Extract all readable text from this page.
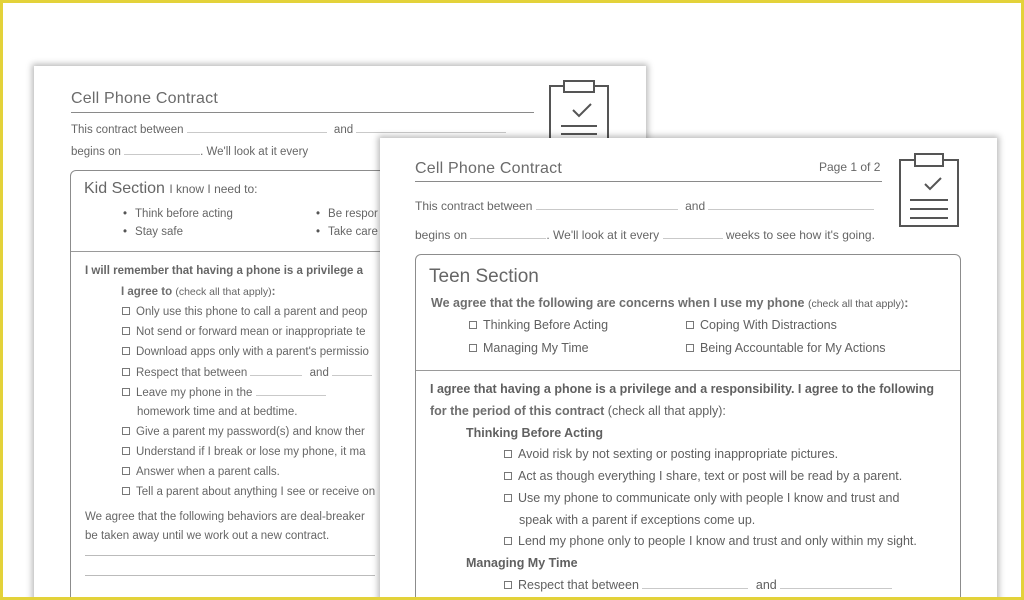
Cell Phone Contract
This contract between	and
begins on	. We'll look at it every
Kid Section I know I need to:
• Think before acting	• Be respor
• Stay safe	• Take care
I will remember that having a phone is a privilege a
I agree to (check all that apply):
Only use this phone to call a parent and peop
Not send or forward mean or inappropriate te
Download apps only with a parent's permissio
Respect that between	and
Leave my phone in the
homework time and at bedtime.
Give a parent my password(s) and know ther
Understand if I break or lose my phone, it ma
Answer when a parent calls.
Tell a parent about anything I see or receive on
We agree that the following behaviors are deal-breaker
be taken away until we work out a new contract.
Cell Phone Contract	Page 1 of 2
This contract between	and
begins on	. We'll look at it every	weeks to see how it's going.
Teen Section
We agree that the following are concerns when I use my phone (check all that apply):
Thinking Before Acting	Coping With Distractions
Managing My Time	Being Accountable for My Actions
I agree that having a phone is a privilege and a responsibility. I agree to the following
for the period of this contract (check all that apply):
Thinking Before Acting
Avoid risk by not sexting or posting inappropriate pictures.
Act as though everything I share, text or post will be read by a parent.
Use my phone to communicate only with people I know and trust and
speak with a parent if exceptions come up.
Lend my phone only to people I know and trust and only within my sight.
Managing My Time
Respect that between	and
